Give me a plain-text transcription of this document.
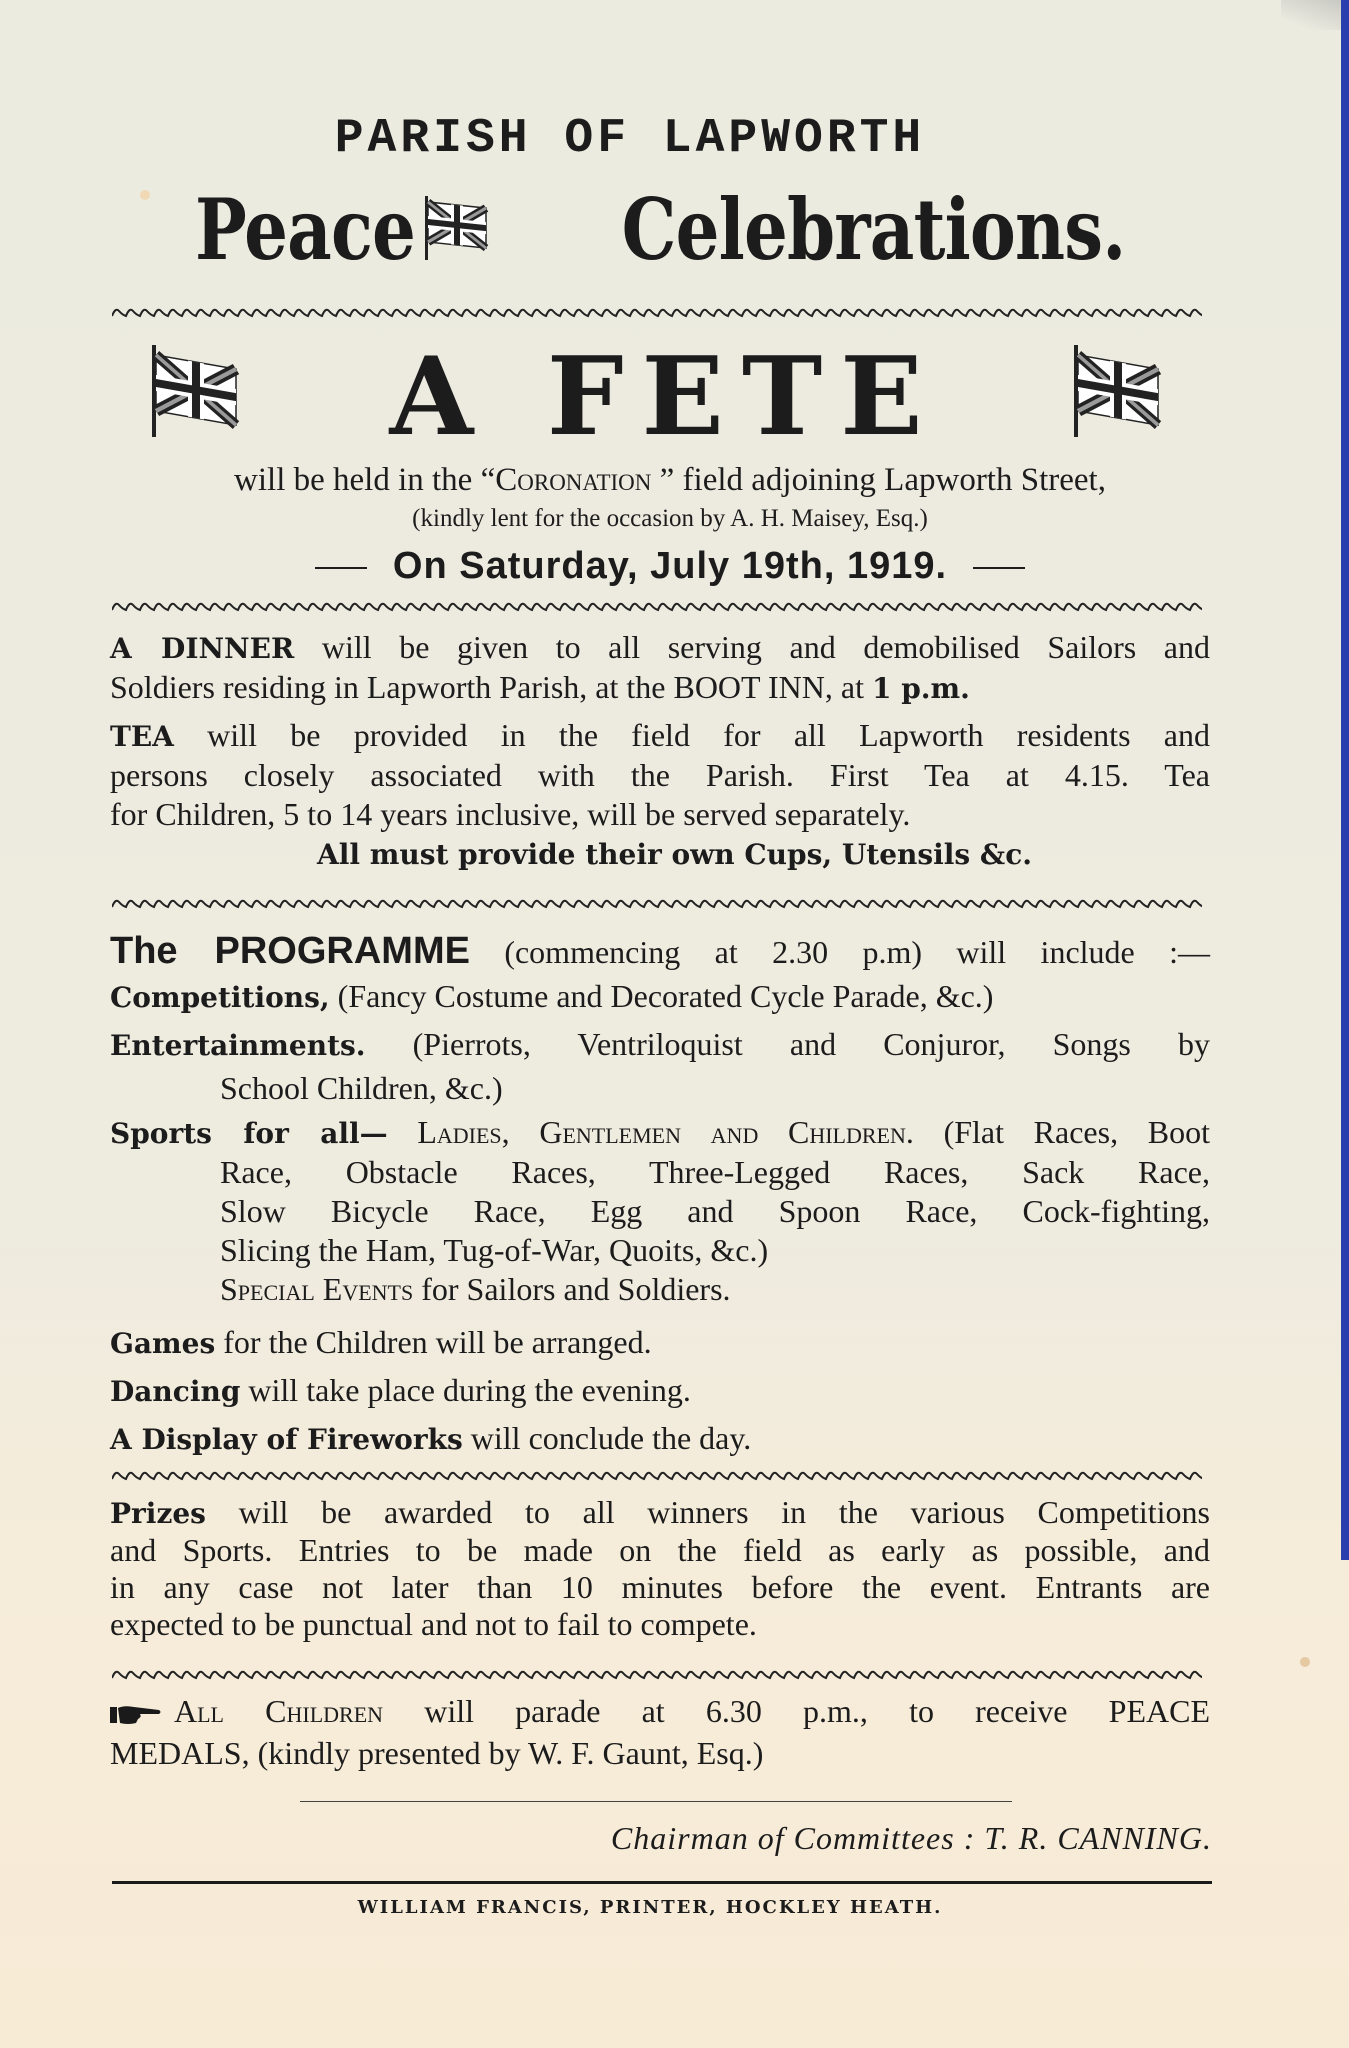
PARISH OF LAPWORTH
Peace Celebrations.
A FETE
will be held in the “Coronation ” field adjoining Lapworth Street,
(kindly lent for the occasion by A. H. Maisey, Esq.)
On Saturday, July 19th, 1919.
A DINNER will be given to all serving and demobilised Sailors and
Soldiers residing in Lapworth Parish, at the BOOT INN, at 1 p.m.
TEA will be provided in the field for all Lapworth residents and
persons closely associated with the Parish. First Tea at 4.15. Tea
for Children, 5 to 14 years inclusive, will be served separately.
All must provide their own Cups, Utensils &c.
The PROGRAMME (commencing at 2.30 p.m) will include :—
Competitions, (Fancy Costume and Decorated Cycle Parade, &c.)
Entertainments. (Pierrots, Ventriloquist and Conjuror, Songs by
School Children, &c.)
Sports for all— Ladies, Gentlemen and Children. (Flat Races, Boot
Race, Obstacle Races, Three-Legged Races, Sack Race,
Slow Bicycle Race, Egg and Spoon Race, Cock-fighting,
Slicing the Ham, Tug-of-War, Quoits, &c.)
Special Events for Sailors and Soldiers.
Games for the Children will be arranged.
Dancing will take place during the evening.
A Display of Fireworks will conclude the day.
Prizes will be awarded to all winners in the various Competitions
and Sports. Entries to be made on the field as early as possible, and
in any case not later than 10 minutes before the event. Entrants are
expected to be punctual and not to fail to compete.
All Children will parade at 6.30 p.m., to receive PEACE
MEDALS, (kindly presented by W. F. Gaunt, Esq.)
Chairman of Committees : T. R. CANNING.
WILLIAM FRANCIS, PRINTER, HOCKLEY HEATH.
